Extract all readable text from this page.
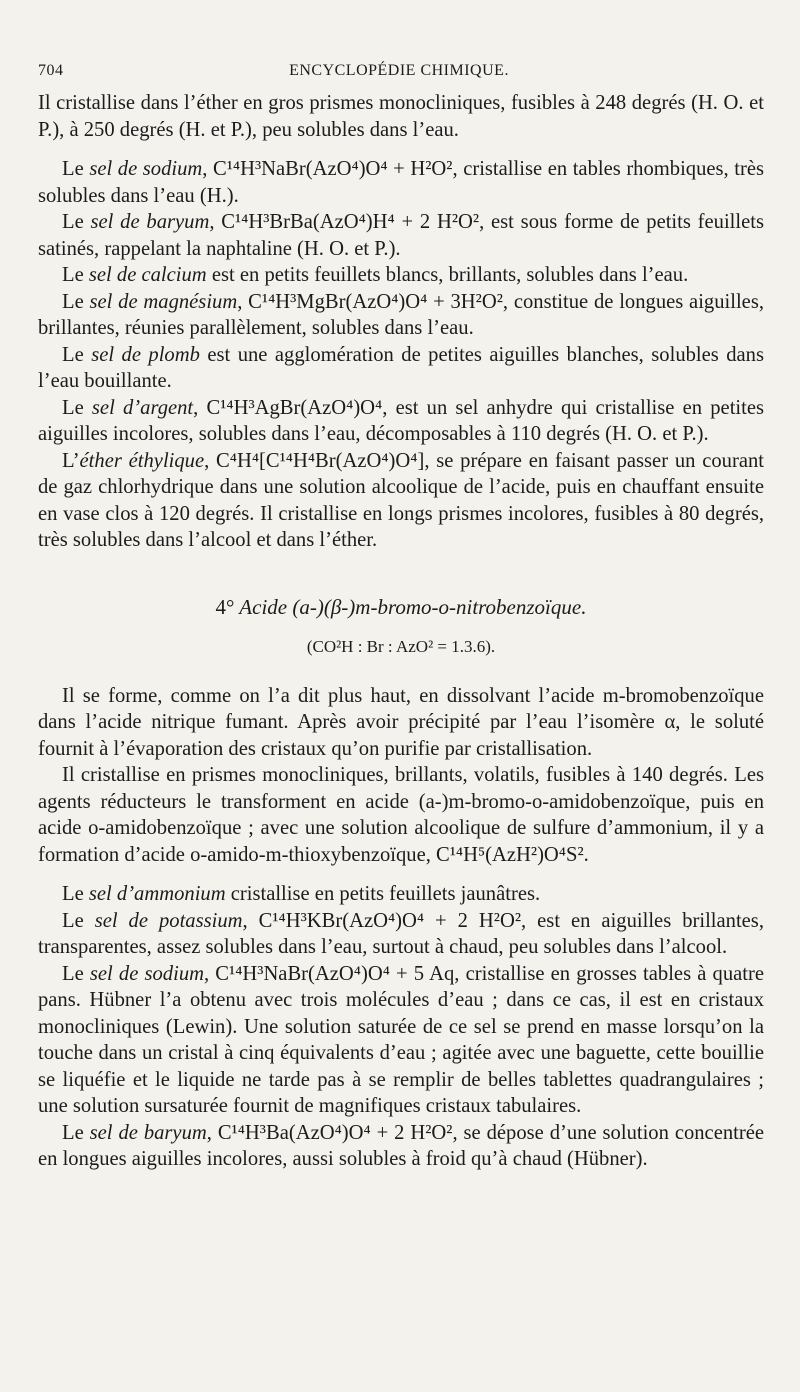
704	ENCYCLOPÉDIE CHIMIQUE.

Il cristallise dans l’éther en gros prismes monocliniques, fusibles à 248 degrés (H. O. et P.), à 250 degrés (H. et P.), peu solubles dans l’eau.

Le sel de sodium, C¹⁴H³NaBr(AzO⁴)O⁴ + H²O², cristallise en tables rhombiques, très solubles dans l’eau (H.).

Le sel de baryum, C¹⁴H³BrBa(AzO⁴)H⁴ + 2 H²O², est sous forme de petits feuillets satinés, rappelant la naphtaline (H. O. et P.).

Le sel de calcium est en petits feuillets blancs, brillants, solubles dans l’eau.

Le sel de magnésium, C¹⁴H³MgBr(AzO⁴)O⁴ + 3H²O², constitue de longues aiguilles, brillantes, réunies parallèlement, solubles dans l’eau.

Le sel de plomb est une agglomération de petites aiguilles blanches, solubles dans l’eau bouillante.

Le sel d’argent, C¹⁴H³AgBr(AzO⁴)O⁴, est un sel anhydre qui cristallise en petites aiguilles incolores, solubles dans l’eau, décomposables à 110 degrés (H. O. et P.).

L’éther éthylique, C⁴H⁴[C¹⁴H⁴Br(AzO⁴)O⁴], se prépare en faisant passer un courant de gaz chlorhydrique dans une solution alcoolique de l’acide, puis en chauffant ensuite en vase clos à 120 degrés. Il cristallise en longs prismes incolores, fusibles à 80 degrés, très solubles dans l’alcool et dans l’éther.

4° Acide (a-)(β-)m-bromo-o-nitrobenzoïque.
(CO²H : Br : AzO² = 1.3.6).

Il se forme, comme on l’a dit plus haut, en dissolvant l’acide m-bromobenzoïque dans l’acide nitrique fumant. Après avoir précipité par l’eau l’isomère α, le soluté fournit à l’évaporation des cristaux qu’on purifie par cristallisation.

Il cristallise en prismes monocliniques, brillants, volatils, fusibles à 140 degrés. Les agents réducteurs le transforment en acide (a-)m-bromo-o-amidobenzoïque, puis en acide o-amidobenzoïque ; avec une solution alcoolique de sulfure d’ammonium, il y a formation d’acide o-amido-m-thioxybenzoïque, C¹⁴H⁵(AzH²)O⁴S².

Le sel d’ammonium cristallise en petits feuillets jaunâtres.

Le sel de potassium, C¹⁴H³KBr(AzO⁴)O⁴ + 2 H²O², est en aiguilles brillantes, transparentes, assez solubles dans l’eau, surtout à chaud, peu solubles dans l’alcool.

Le sel de sodium, C¹⁴H³NaBr(AzO⁴)O⁴ + 5 Aq, cristallise en grosses tables à quatre pans. Hübner l’a obtenu avec trois molécules d’eau ; dans ce cas, il est en cristaux monocliniques (Lewin). Une solution saturée de ce sel se prend en masse lorsqu’on la touche dans un cristal à cinq équivalents d’eau ; agitée avec une baguette, cette bouillie se liquéfie et le liquide ne tarde pas à se remplir de belles tablettes quadrangulaires ; une solution sursaturée fournit de magnifiques cristaux tabulaires.

Le sel de baryum, C¹⁴H³Ba(AzO⁴)O⁴ + 2 H²O², se dépose d’une solution concentrée en longues aiguilles incolores, aussi solubles à froid qu’à chaud (Hübner).
